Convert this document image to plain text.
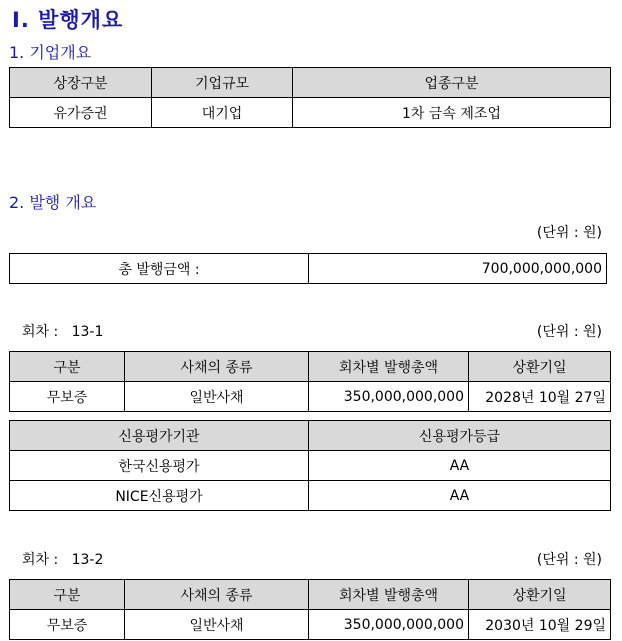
Ⅰ. 발행개요
1. 기업개요
상장구분	기업규모	업종구분
유가증권	대기업	1차 금속 제조업
2. 발행 개요
(단위 : 원)
총 발행금액 :	700,000,000,000
회차 : 13-1	(단위 : 원)
구분	사채의 종류	회차별 발행총액	상환기일
무보증	일반사채	350,000,000,000	2028년 10월 27일
신용평가기관	신용평가등급
한국신용평가	AA
NICE신용평가	AA
회차 : 13-2	(단위 : 원)
구분	사채의 종류	회차별 발행총액	상환기일
무보증	일반사채	350,000,000,000	2030년 10월 29일
